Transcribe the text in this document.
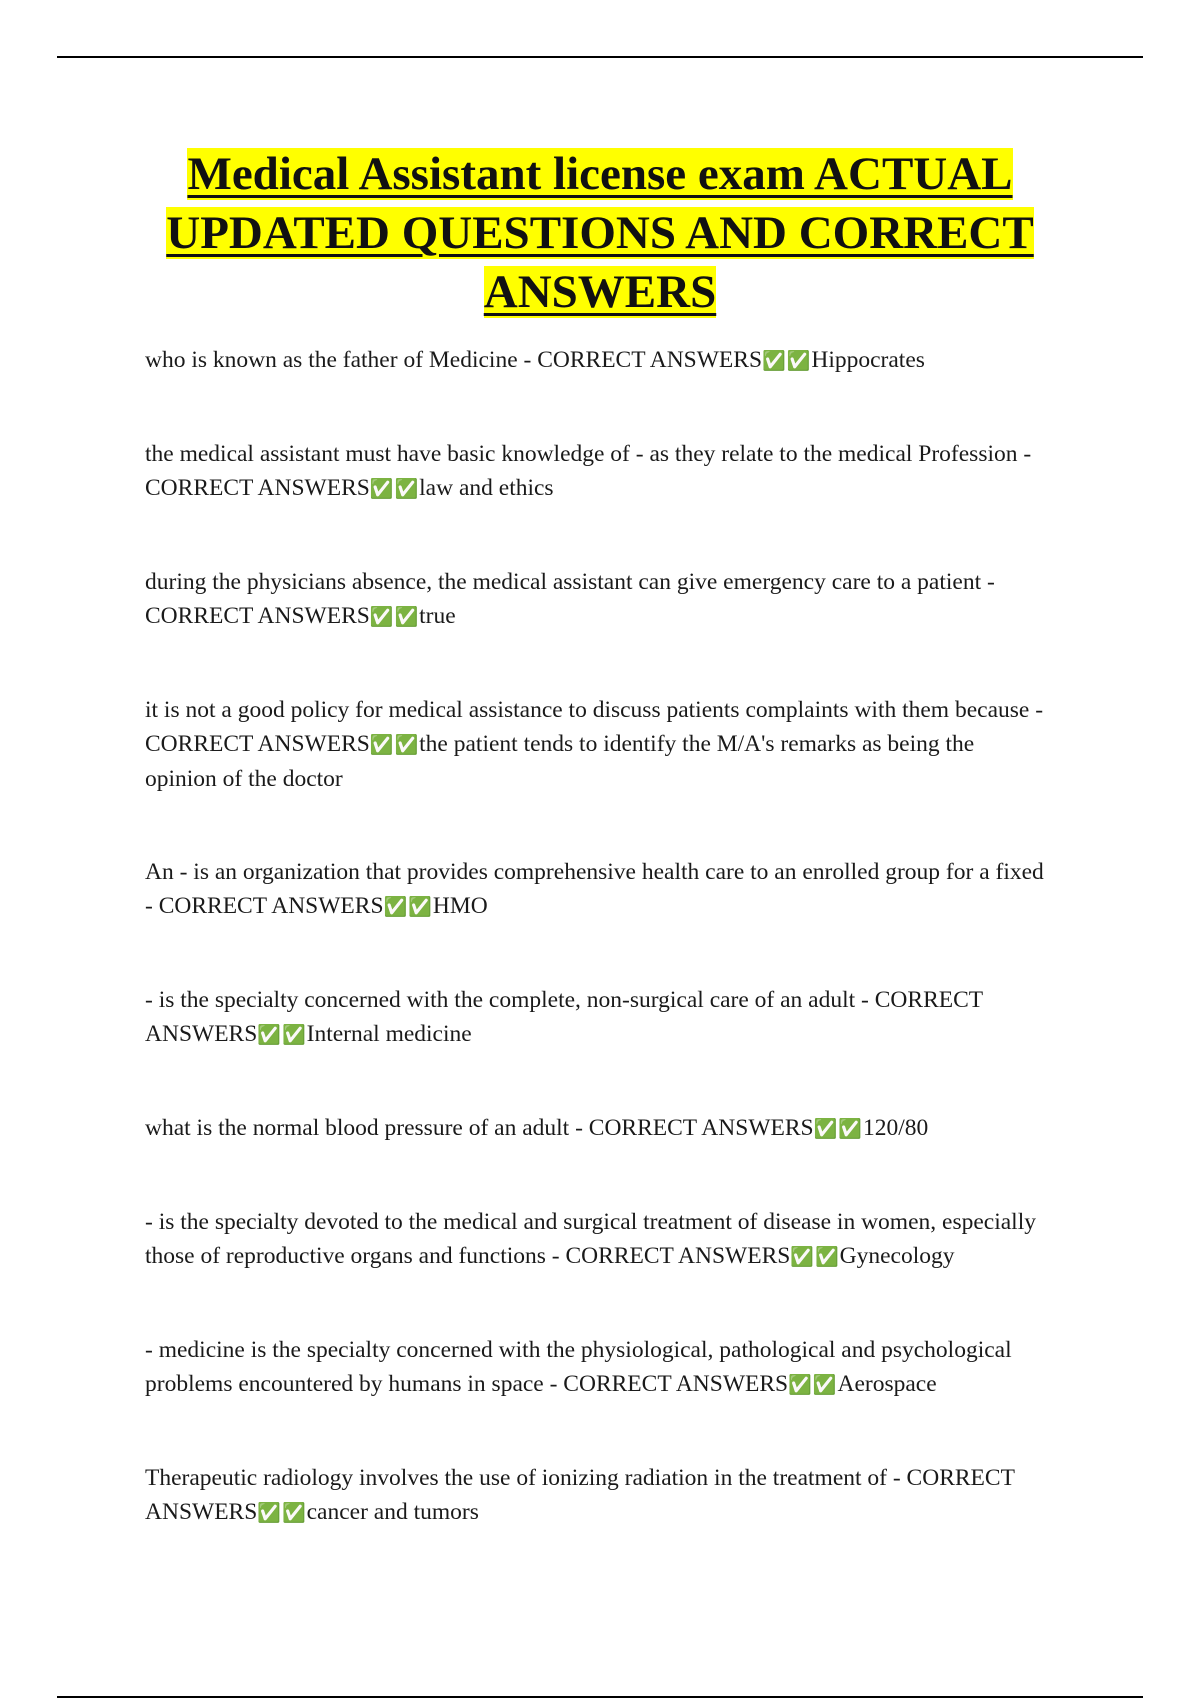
Medical Assistant license exam ACTUAL UPDATED QUESTIONS AND CORRECT ANSWERS
who is known as the father of Medicine - CORRECT ANSWERS✅✅Hippocrates
the medical assistant must have basic knowledge of - as they relate to the medical Profession - CORRECT ANSWERS✅✅law and ethics
during the physicians absence, the medical assistant can give emergency care to a patient - CORRECT ANSWERS✅✅true
it is not a good policy for medical assistance to discuss patients complaints with them because - CORRECT ANSWERS✅✅the patient tends to identify the M/A's remarks as being the opinion of the doctor
An - is an organization that provides comprehensive health care to an enrolled group for a fixed - CORRECT ANSWERS✅✅HMO
- is the specialty concerned with the complete, non-surgical care of an adult - CORRECT ANSWERS✅✅Internal medicine
what is the normal blood pressure of an adult - CORRECT ANSWERS✅✅120/80
- is the specialty devoted to the medical and surgical treatment of disease in women, especially those of reproductive organs and functions - CORRECT ANSWERS✅✅Gynecology
- medicine is the specialty concerned with the physiological, pathological and psychological problems encountered by humans in space - CORRECT ANSWERS✅✅Aerospace
Therapeutic radiology involves the use of ionizing radiation in the treatment of - CORRECT ANSWERS✅✅cancer and tumors
